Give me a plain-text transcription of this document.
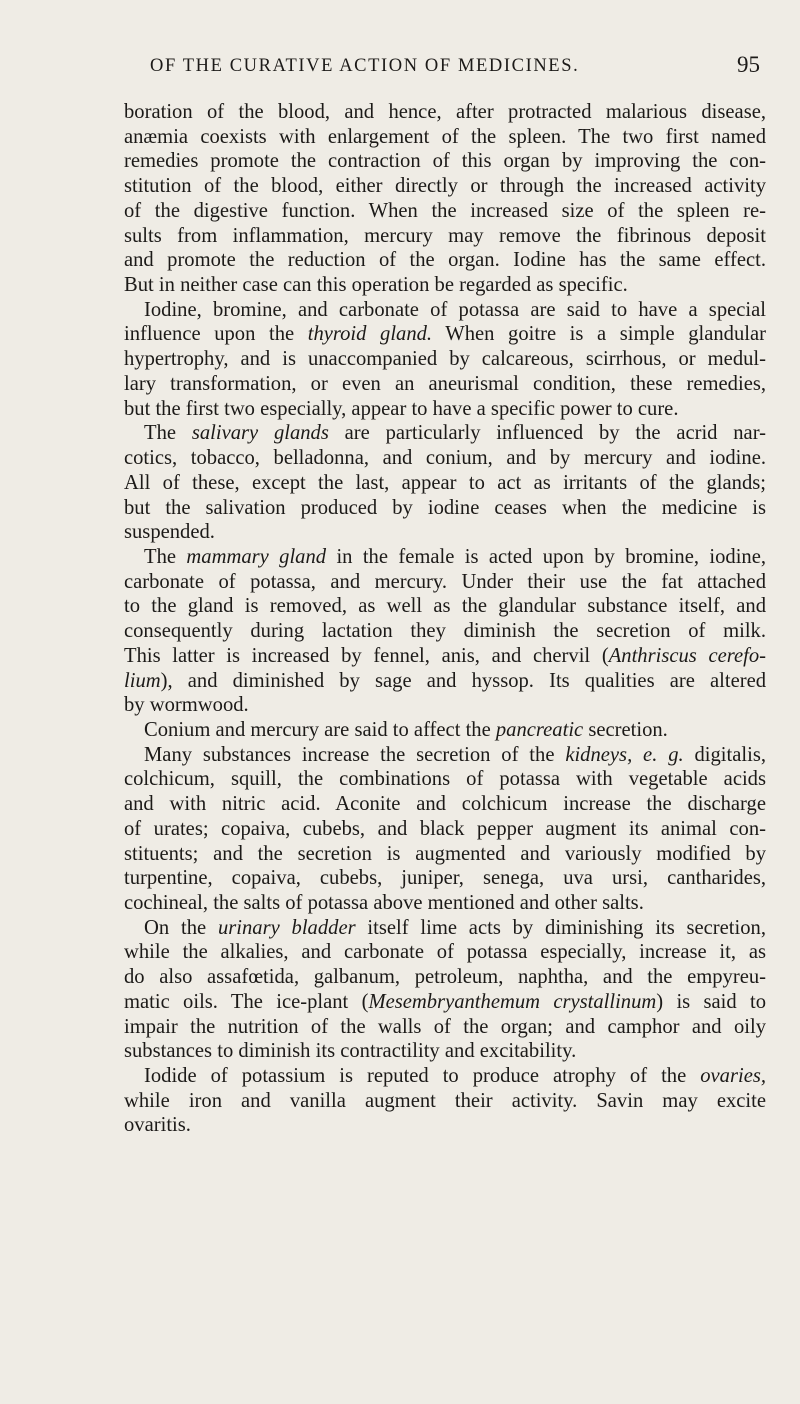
OF THE CURATIVE ACTION OF MEDICINES.	95
boration of the blood, and hence, after protracted malarious disease,
anæmia coexists with enlargement of the spleen. The two first named
remedies promote the contraction of this organ by improving the con-
stitution of the blood, either directly or through the increased activity
of the digestive function. When the increased size of the spleen re-
sults from inflammation, mercury may remove the fibrinous deposit
and promote the reduction of the organ. Iodine has the same effect.
But in neither case can this operation be regarded as specific.
Iodine, bromine, and carbonate of potassa are said to have a special
influence upon the thyroid gland. When goitre is a simple glandular
hypertrophy, and is unaccompanied by calcareous, scirrhous, or medul-
lary transformation, or even an aneurismal condition, these remedies,
but the first two especially, appear to have a specific power to cure.
The salivary glands are particularly influenced by the acrid nar-
cotics, tobacco, belladonna, and conium, and by mercury and iodine.
All of these, except the last, appear to act as irritants of the glands;
but the salivation produced by iodine ceases when the medicine is
suspended.
The mammary gland in the female is acted upon by bromine, iodine,
carbonate of potassa, and mercury. Under their use the fat attached
to the gland is removed, as well as the glandular substance itself, and
consequently during lactation they diminish the secretion of milk.
This latter is increased by fennel, anis, and chervil (Anthriscus cerefo-
lium), and diminished by sage and hyssop. Its qualities are altered
by wormwood.
Conium and mercury are said to affect the pancreatic secretion.
Many substances increase the secretion of the kidneys, e. g. digitalis,
colchicum, squill, the combinations of potassa with vegetable acids
and with nitric acid. Aconite and colchicum increase the discharge
of urates; copaiva, cubebs, and black pepper augment its animal con-
stituents; and the secretion is augmented and variously modified by
turpentine, copaiva, cubebs, juniper, senega, uva ursi, cantharides,
cochineal, the salts of potassa above mentioned and other salts.
On the urinary bladder itself lime acts by diminishing its secretion,
while the alkalies, and carbonate of potassa especially, increase it, as
do also assafœtida, galbanum, petroleum, naphtha, and the empyreu-
matic oils. The ice-plant (Mesembryanthemum crystallinum) is said to
impair the nutrition of the walls of the organ; and camphor and oily
substances to diminish its contractility and excitability.
Iodide of potassium is reputed to produce atrophy of the ovaries,
while iron and vanilla augment their activity. Savin may excite
ovaritis.
